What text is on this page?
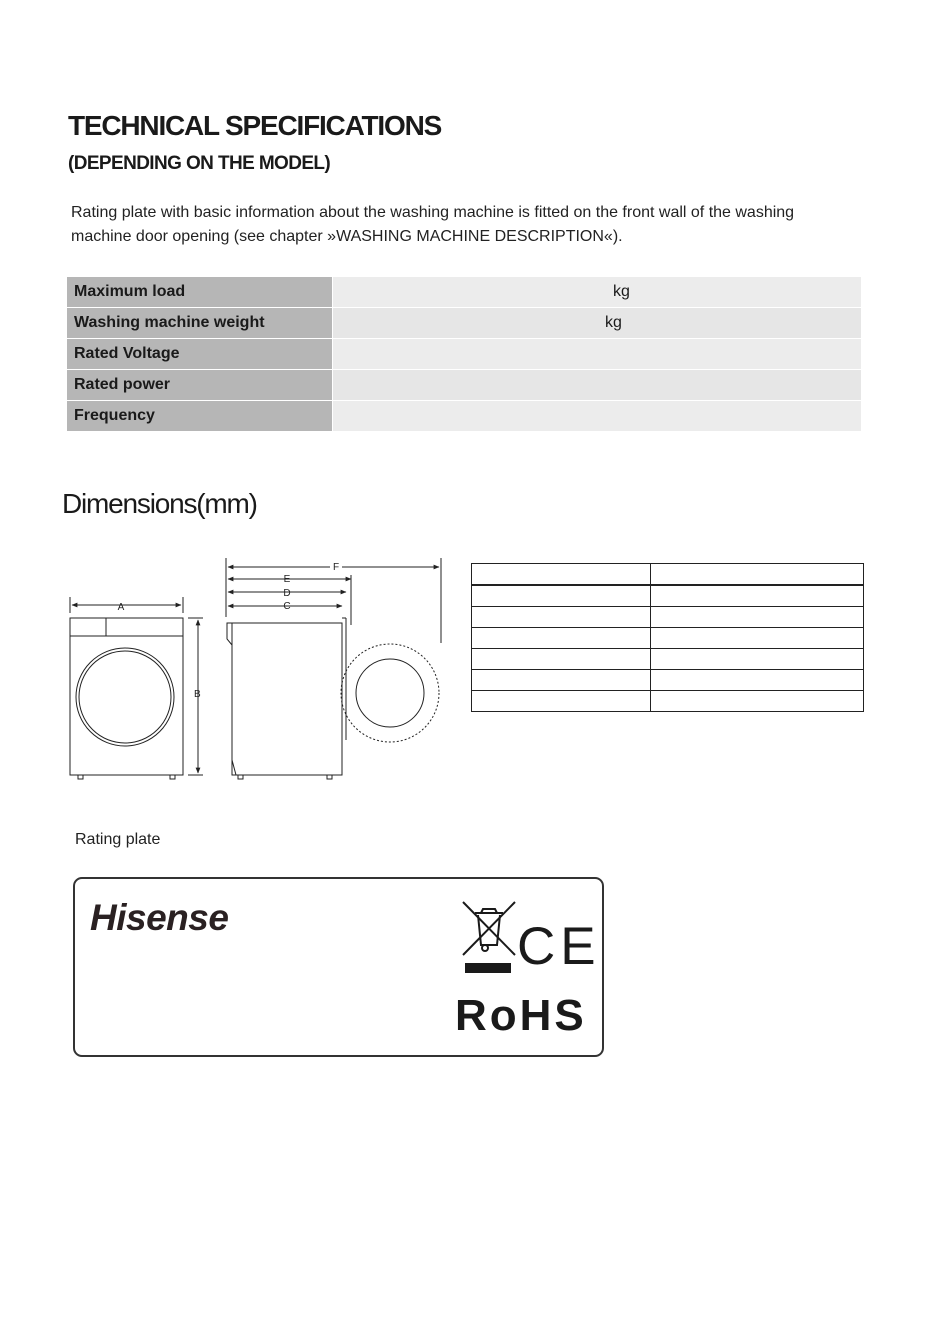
TECHNICAL SPECIFICATIONS
(DEPENDING ON THE MODEL)
Rating plate with basic information about the washing machine is fitted on the front wall of the washing machine door opening (see chapter »WASHING MACHINE DESCRIPTION«).
Maximum load	kg
Washing machine weight	kg
Rated Voltage	
Rated power	
Frequency	
Dimensions(mm)
A
B
F
E
D
C

Rating plate
Hisense	CE
RoHS
